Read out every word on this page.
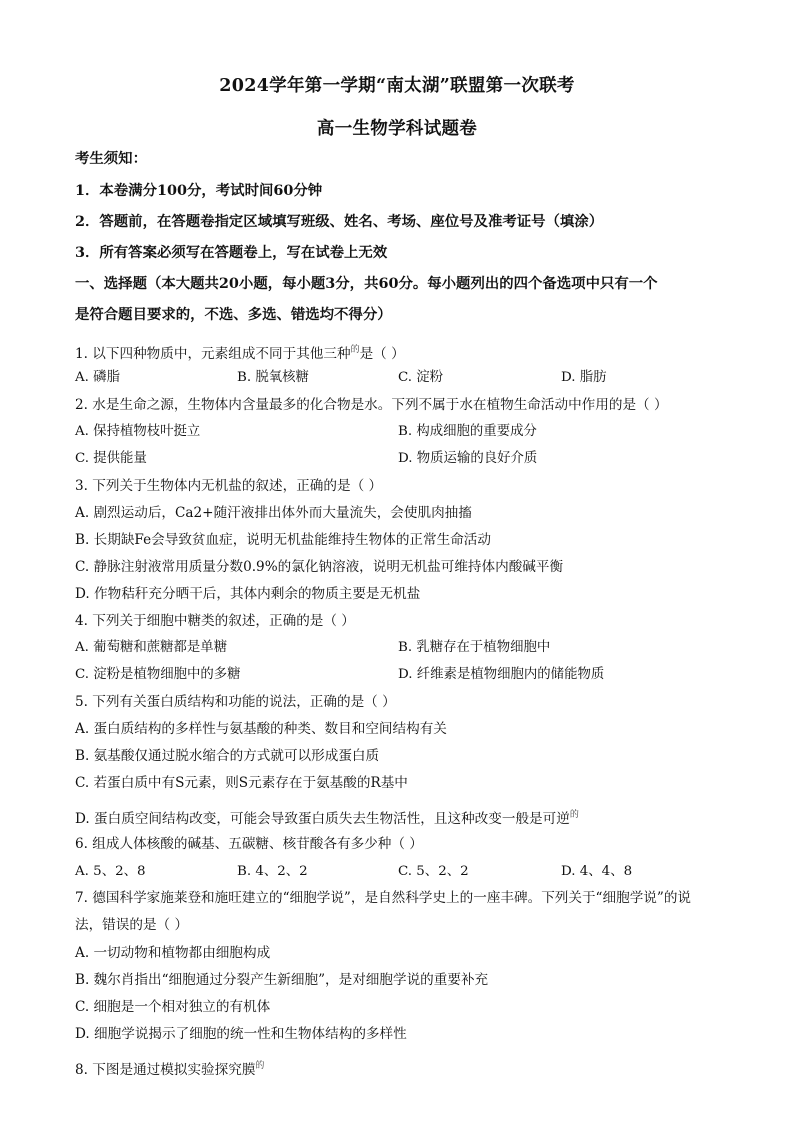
2024学年第一学期“南太湖”联盟第一次联考
高一生物学科试题卷
考生须知：
1．本卷满分100分，考试时间60分钟
2．答题前，在答题卷指定区域填写班级、姓名、考场、座位号及准考证号（填涂）
3．所有答案必须写在答题卷上，写在试卷上无效
一、选择题（本大题共20小题，每小题3分，共60分。每小题列出的四个备选项中只有一个
是符合题目要求的，不选、多选、错选均不得分）
1. 以下四种物质中，元素组成不同于其他三种$^的$是（ ）
A. 磷脂	B. 脱氧核糖	C. 淀粉	D. 脂肪
2. 水是生命之源，生物体内含量最多的化合物是水。下列不属于水在植物生命活动中作用的是（ ）
A. 保持植物枝叶挺立	B. 构成细胞的重要成分
C. 提供能量	D. 物质运输的良好介质
3. 下列关于生物体内无机盐的叙述，正确的是（ ）
A. 剧烈运动后，Ca2+随汗液排出体外而大量流失，会使肌肉抽搐
B. 长期缺Fe会导致贫血症，说明无机盐能维持生物体的正常生命活动
C. 静脉注射液常用质量分数0.9%的氯化钠溶液，说明无机盐可维持体内酸碱平衡
D. 作物秸秆充分晒干后，其体内剩余的物质主要是无机盐
4. 下列关于细胞中糖类的叙述，正确的是（ ）
A. 葡萄糖和蔗糖都是单糖	B. 乳糖存在于植物细胞中
C. 淀粉是植物细胞中的多糖	D. 纤维素是植物细胞内的储能物质
5. 下列有关蛋白质结构和功能的说法，正确的是（ ）
A. 蛋白质结构的多样性与氨基酸的种类、数目和空间结构有关
B. 氨基酸仅通过脱水缩合的方式就可以形成蛋白质
C. 若蛋白质中有S元素，则S元素存在于氨基酸的R基中
D. 蛋白质空间结构改变，可能会导致蛋白质失去生物活性，且这种改变一般是可逆$^的$
6. 组成人体核酸的碱基、五碳糖、核苷酸各有多少种（ ）
A. 5、2、8	B. 4、2、2	C. 5、2、2	D. 4、4、8
7. 德国科学家施莱登和施旺建立的“细胞学说”，是自然科学史上的一座丰碑。下列关于“细胞学说”的说
法，错误的是（ ）
A. 一切动物和植物都由细胞构成
B. 魏尔肖指出“细胞通过分裂产生新细胞”，是对细胞学说的重要补充
C. 细胞是一个相对独立的有机体
D. 细胞学说揭示了细胞的统一性和生物体结构的多样性
8. 下图是通过模拟实验探究膜$^的$
